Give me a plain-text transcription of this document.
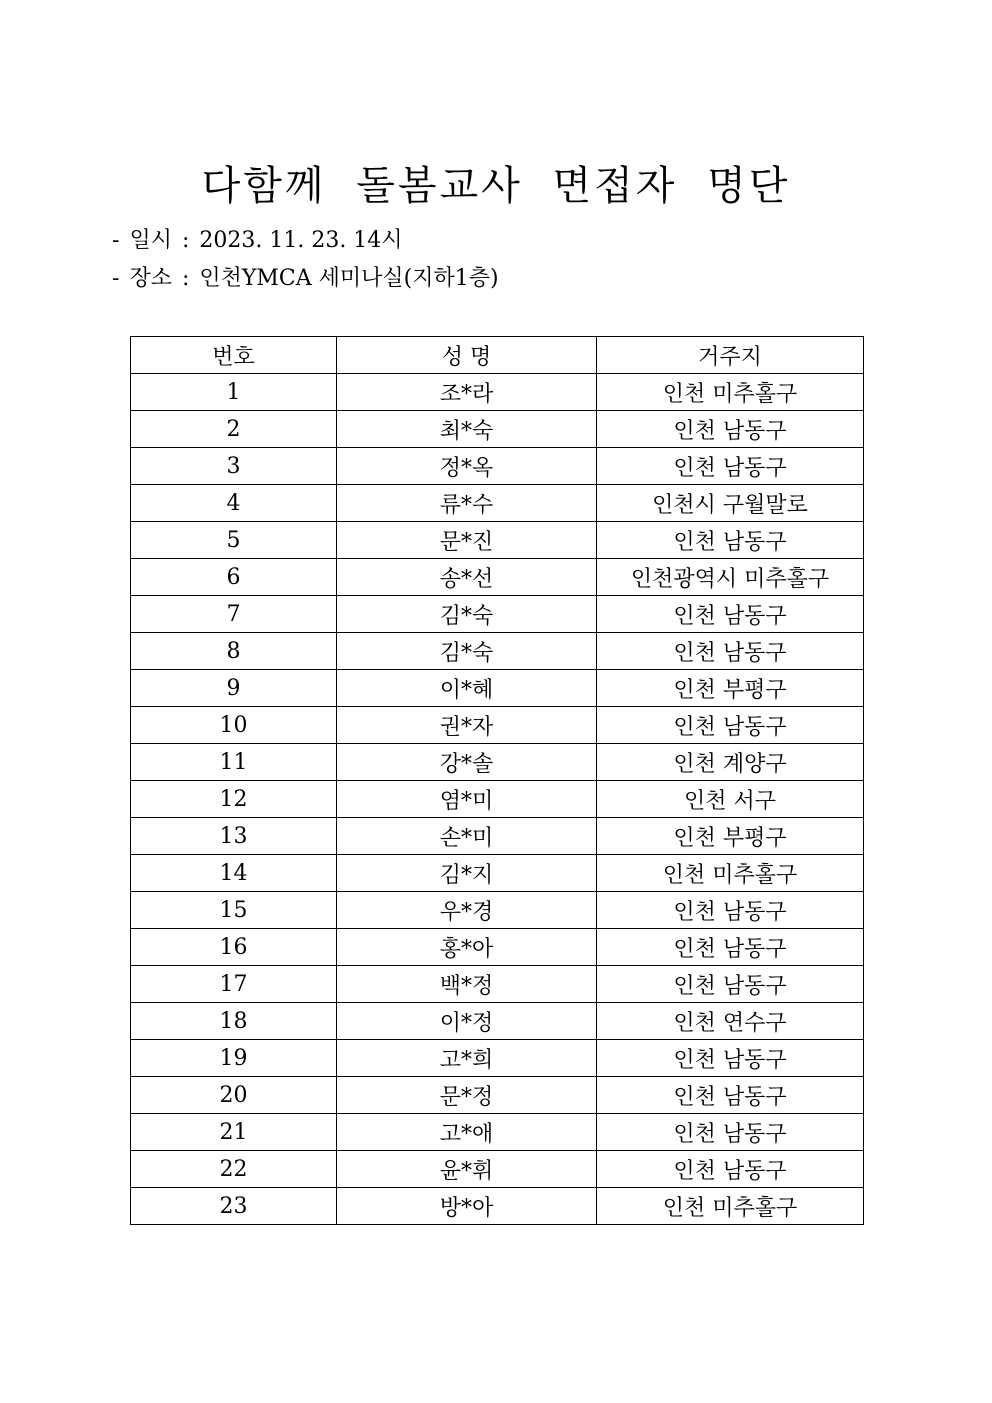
다함께 돌봄교사 면접자 명단
- 일시 : 2023. 11. 23. 14시
- 장소 : 인천YMCA 세미나실(지하1층)
번호	성 명	거주지
1	조*라	인천 미추홀구
2	최*숙	인천 남동구
3	정*옥	인천 남동구
4	류*수	인천시 구월말로
5	문*진	인천 남동구
6	송*선	인천광역시 미추홀구
7	김*숙	인천 남동구
8	김*숙	인천 남동구
9	이*혜	인천 부평구
10	권*자	인천 남동구
11	강*솔	인천 계양구
12	염*미	인천 서구
13	손*미	인천 부평구
14	김*지	인천 미추홀구
15	우*경	인천 남동구
16	홍*아	인천 남동구
17	백*정	인천 남동구
18	이*정	인천 연수구
19	고*희	인천 남동구
20	문*정	인천 남동구
21	고*애	인천 남동구
22	윤*휘	인천 남동구
23	방*아	인천 미추홀구
